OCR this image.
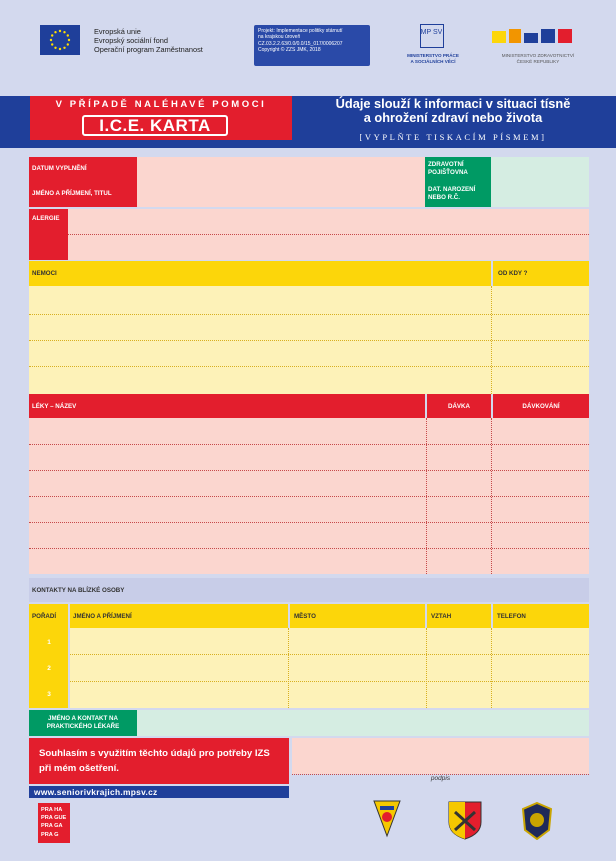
Evropská unie
Evropský sociální fond
Operační program Zaměstnanost
Projekt: Implementace politiky stárnutí
na krajskou úroveň
CZ.03.2.2.63/0.0/0.0/15_017/0006207
Copyright © ZZS JMK, 2018
MP SV
MINISTERSTVO PRÁCE
A SOCIÁLNÍCH VĚCÍ
MINISTERSTVO ZDRAVOTNICTVÍ
ČESKÉ REPUBLIKY
V PŘÍPADĚ NALÉHAVÉ POMOCI
I.C.E. KARTA
Údaje slouží k informaci v situaci tísně
a ohrožení zdraví nebo života
[VYPLŇTE TISKACÍM PÍSMEM]
DATUM VYPLNĚNÍ
ZDRAVOTNÍ POJIŠŤOVNA
JMÉNO A PŘÍJMENÍ, TITUL
DAT. NAROZENÍ NEBO R.Č.
ALERGIE
NEMOCI	OD KDY ?
LÉKY – NÁZEV	DÁVKA	DÁVKOVÁNÍ
KONTAKTY NA BLÍZKÉ OSOBY
POŘADÍ	JMÉNO A PŘÍJMENÍ	MĚSTO	VZTAH	TELEFON
1
2
3
JMÉNO A KONTAKT NA PRAKTICKÉHO LÉKAŘE
Souhlasím s využitím těchto údajů pro potřeby IZS při mém ošetření.
podpis
www.seniorivkrajich.mpsv.cz
PRA HA
PRA GUE
PRA GA
PRA G
